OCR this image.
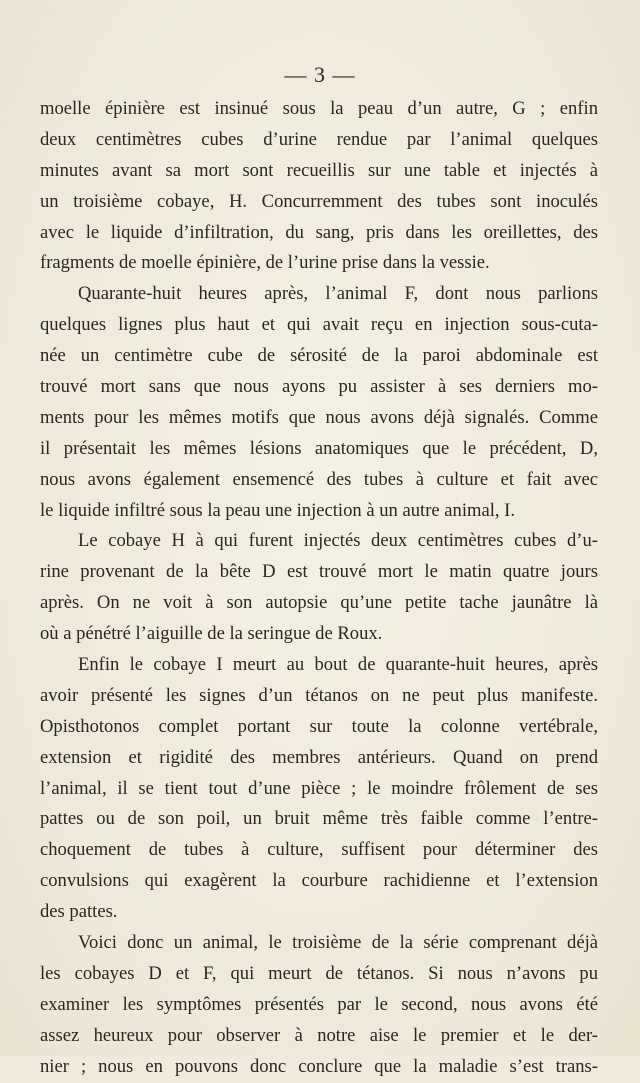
— 3 —
moelle épinière est insinué sous la peau d’un autre, G ; enfin
deux centimètres cubes d’urine rendue par l’animal quelques
minutes avant sa mort sont recueillis sur une table et injectés à
un troisième cobaye, H. Concurremment des tubes sont inoculés
avec le liquide d’infiltration, du sang, pris dans les oreillettes, des
fragments de moelle épinière, de l’urine prise dans la vessie.
Quarante-huit heures après, l’animal F, dont nous parlions
quelques lignes plus haut et qui avait reçu en injection sous-cuta-
née un centimètre cube de sérosité de la paroi abdominale est
trouvé mort sans que nous ayons pu assister à ses derniers mo-
ments pour les mêmes motifs que nous avons déjà signalés. Comme
il présentait les mêmes lésions anatomiques que le précédent, D,
nous avons également ensemencé des tubes à culture et fait avec
le liquide infiltré sous la peau une injection à un autre animal, I.
Le cobaye H à qui furent injectés deux centimètres cubes d’u-
rine provenant de la bête D est trouvé mort le matin quatre jours
après. On ne voit à son autopsie qu’une petite tache jaunâtre là
où a pénétré l’aiguille de la seringue de Roux.
Enfin le cobaye I meurt au bout de quarante-huit heures, après
avoir présenté les signes d’un tétanos on ne peut plus manifeste.
Opisthotonos complet portant sur toute la colonne vertébrale,
extension et rigidité des membres antérieurs. Quand on prend
l’animal, il se tient tout d’une pièce ; le moindre frôlement de ses
pattes ou de son poil, un bruit même très faible comme l’entre-
choquement de tubes à culture, suffisent pour déterminer des
convulsions qui exagèrent la courbure rachidienne et l’extension
des pattes.
Voici donc un animal, le troisième de la série comprenant déjà
les cobayes D et F, qui meurt de tétanos. Si nous n’avons pu
examiner les symptômes présentés par le second, nous avons été
assez heureux pour observer à notre aise le premier et le der-
nier ; nous en pouvons donc conclure que la maladie s’est trans-
